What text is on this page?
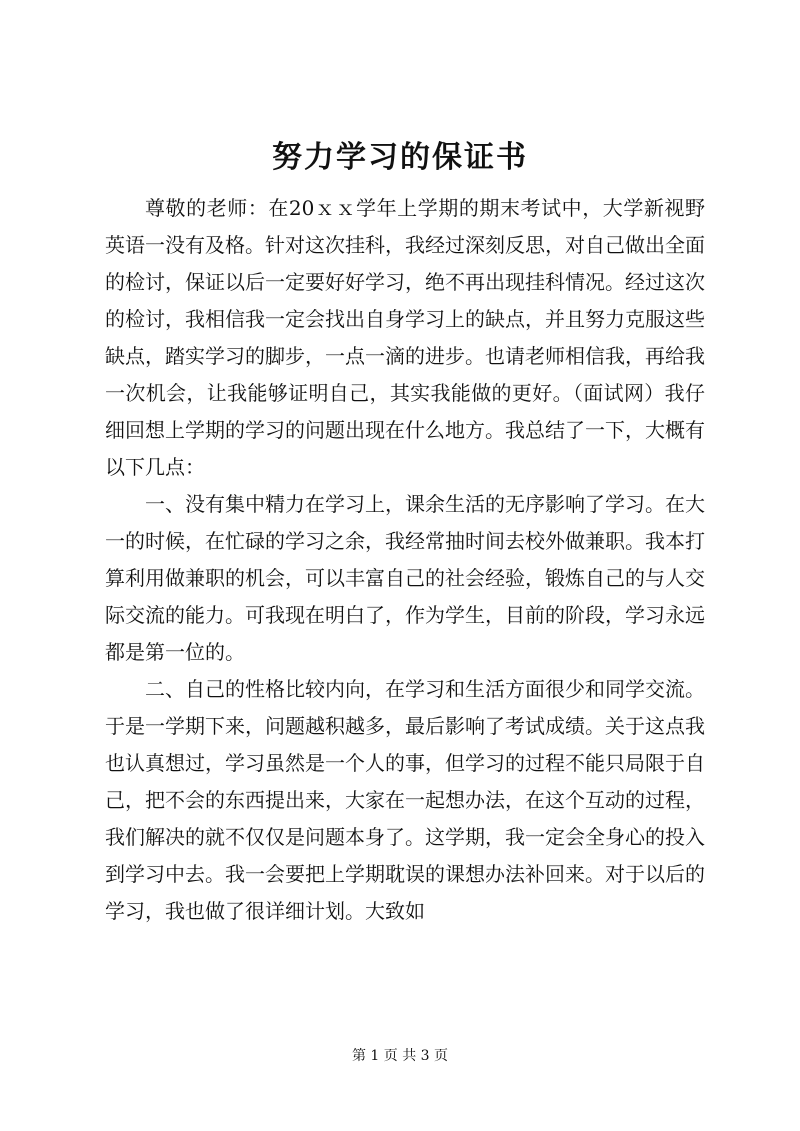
努力学习的保证书

尊敬的老师：在20ｘｘ学年上学期的期末考试中，大学新视野英语一没有及格。针对这次挂科，我经过深刻反思，对自己做出全面的检讨，保证以后一定要好好学习，绝不再出现挂科情况。经过这次的检讨，我相信我一定会找出自身学习上的缺点，并且努力克服这些缺点，踏实学习的脚步，一点一滴的进步。也请老师相信我，再给我一次机会，让我能够证明自己，其实我能做的更好。（面试网）我仔细回想上学期的学习的问题出现在什么地方。我总结了一下，大概有以下几点：

一、没有集中精力在学习上，课余生活的无序影响了学习。在大一的时候，在忙碌的学习之余，我经常抽时间去校外做兼职。我本打算利用做兼职的机会，可以丰富自己的社会经验，锻炼自己的与人交际交流的能力。可我现在明白了，作为学生，目前的阶段，学习永远都是第一位的。

二、自己的性格比较内向，在学习和生活方面很少和同学交流。于是一学期下来，问题越积越多，最后影响了考试成绩。关于这点我也认真想过，学习虽然是一个人的事，但学习的过程不能只局限于自己，把不会的东西提出来，大家在一起想办法，在这个互动的过程，我们解决的就不仅仅是问题本身了。这学期，我一定会全身心的投入到学习中去。我一会要把上学期耽误的课想办法补回来。对于以后的学习，我也做了很详细计划。大致如

第 1 页 共 3 页
